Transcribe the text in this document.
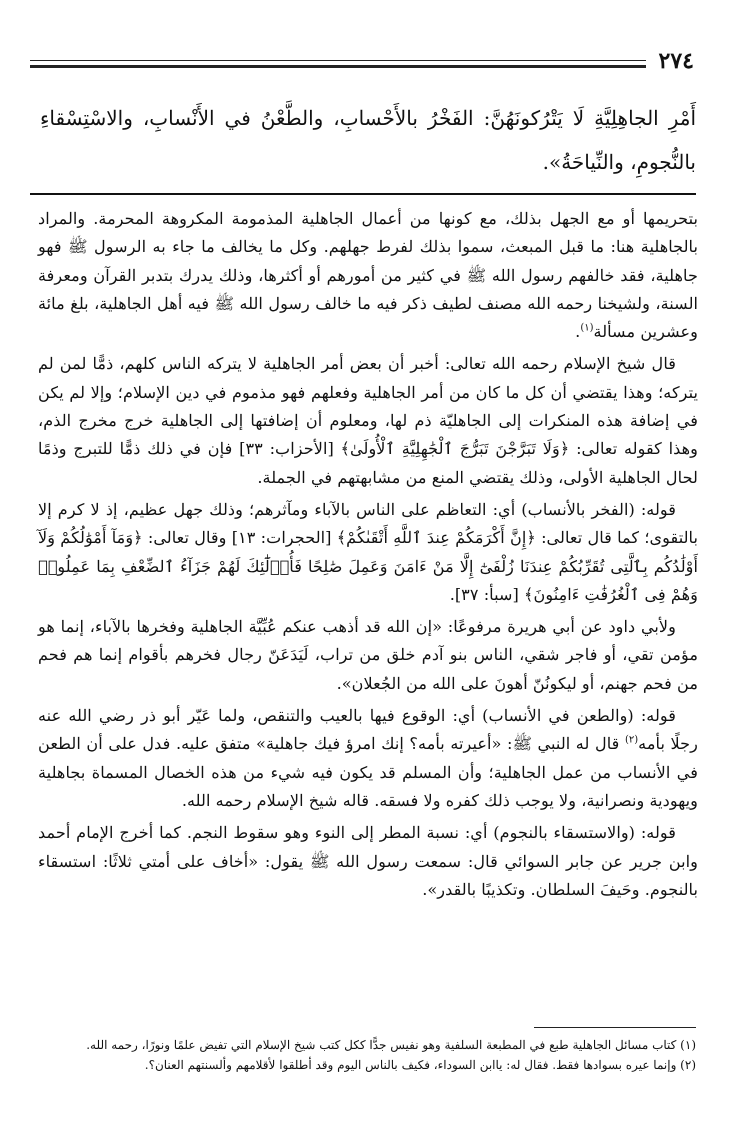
٢٧٤
أَمْرِ الجاهِلِيَّةِ لَا يَتْرُكونَهُنَّ: الفَخْرُ بالأَحْسابِ، والطَّعْنُ في الأَنْسابِ، والاسْتِسْقاءِ بالنُّجومِ، والنِّياحَةُ».

بتحريمها أو مع الجهل بذلك، مع كونها من أعمال الجاهلية المذمومة المكروهة المحرمة. والمراد بالجاهلية هنا: ما قبل المبعث، سموا بذلك لفرط جهلهم. وكل ما يخالف ما جاء به الرسول ﷺ فهو جاهلية، فقد خالفهم رسول الله ﷺ في كثير من أمورهم أو أكثرها، وذلك يدرك بتدبر القرآن ومعرفة السنة، ولشيخنا رحمه الله مصنف لطيف ذكر فيه ما خالف رسول الله ﷺ فيه أهل الجاهلية، بلغ مائة وعشرين مسألة$^{(١)}$.

قال شيخ الإسلام رحمه الله تعالى: أخبر أن بعض أمر الجاهلية لا يتركه الناس كلهم، ذمًّا لمن لم يتركه؛ وهذا يقتضي أن كل ما كان من أمر الجاهلية وفعلهم فهو مذموم في دين الإسلام؛ وإلا لم يكن في إضافة هذه المنكرات إلى الجاهليّة ذم لها، ومعلوم أن إضافتها إلى الجاهلية خرج مخرج الذم، وهذا كقوله تعالى: ﴿وَلَا تَبَرَّجْنَ تَبَرُّجَ ٱلْجَٰهِلِيَّةِ ٱلْأُولَىٰ﴾ [الأحزاب: ٣٣] فإن في ذلك ذمًّا للتبرج وذمًا لحال الجاهلية الأولى، وذلك يقتضي المنع من مشابهتهم في الجملة.

قوله: (الفخر بالأنساب) أي: التعاظم على الناس بالآباء ومآثرهم؛ وذلك جهل عظيم، إذ لا كرم إلا بالتقوى؛ كما قال تعالى: ﴿إِنَّ أَكْرَمَكُمْ عِندَ ٱللَّهِ أَتْقَىٰكُمْ﴾ [الحجرات: ١٣] وقال تعالى: ﴿وَمَآ أَمْوَٰلُكُمْ وَلَآ أَوْلَٰدُكُم بِٱلَّتِى تُقَرِّبُكُمْ عِندَنَا زُلْفَىٰٓ إِلَّا مَنْ ءَامَنَ وَعَمِلَ صَٰلِحًا فَأُو۟لَٰٓئِكَ لَهُمْ جَزَآءُ ٱلضِّعْفِ بِمَا عَمِلُوا۟ وَهُمْ فِى ٱلْغُرُفَٰتِ ءَامِنُونَ﴾ [سبأ: ٣٧].

ولأبي داود عن أبي هريرة مرفوعًا: «إن الله قد أذهب عنكم عُبِّيَّة الجاهلية وفخرها بالآباء، إنما هو مؤمن تقي، أو فاجر شقي، الناس بنو آدم خلق من تراب، لَيَدَعَنّ رجال فخرهم بأقوام إنما هم فحم من فحم جهنم، أو ليكونُنّ أهونَ على الله من الجُعلان».

قوله: (والطعن في الأنساب) أي: الوقوع فيها بالعيب والتنقص، ولما عَيّر أبو ذر رضي الله عنه رجلًا بأمه$^{(٢)}$ قال له النبي ﷺ: «أعيرته بأمه؟ إنك امرؤ فيك جاهلية» متفق عليه. فدل على أن الطعن في الأنساب من عمل الجاهلية؛ وأن المسلم قد يكون فيه شيء من هذه الخصال المسماة بجاهلية ويهودية ونصرانية، ولا يوجب ذلك كفره ولا فسقه. قاله شيخ الإسلام رحمه الله.

قوله: (والاستسقاء بالنجوم) أي: نسبة المطر إلى النوء وهو سقوط النجم. كما أخرج الإمام أحمد وابن جرير عن جابر السوائي قال: سمعت رسول الله ﷺ يقول: «أخاف على أمتي ثلاثًا: استسقاء بالنجوم. وحَيفَ السلطان. وتكذيبًا بالقدر».

(١) كتاب مسائل الجاهلية طبع في المطبعة السلفية وهو نفيس جدًّا ككل كتب شيخ الإسلام التي تفيض علمًا ونورًا، رحمه الله.
(٢) وإنما عيره بسوادها فقط. فقال له: ياابن السوداء، فكيف بالناس اليوم وقد أطلقوا لأقلامهم وألسنتهم العنان؟.
